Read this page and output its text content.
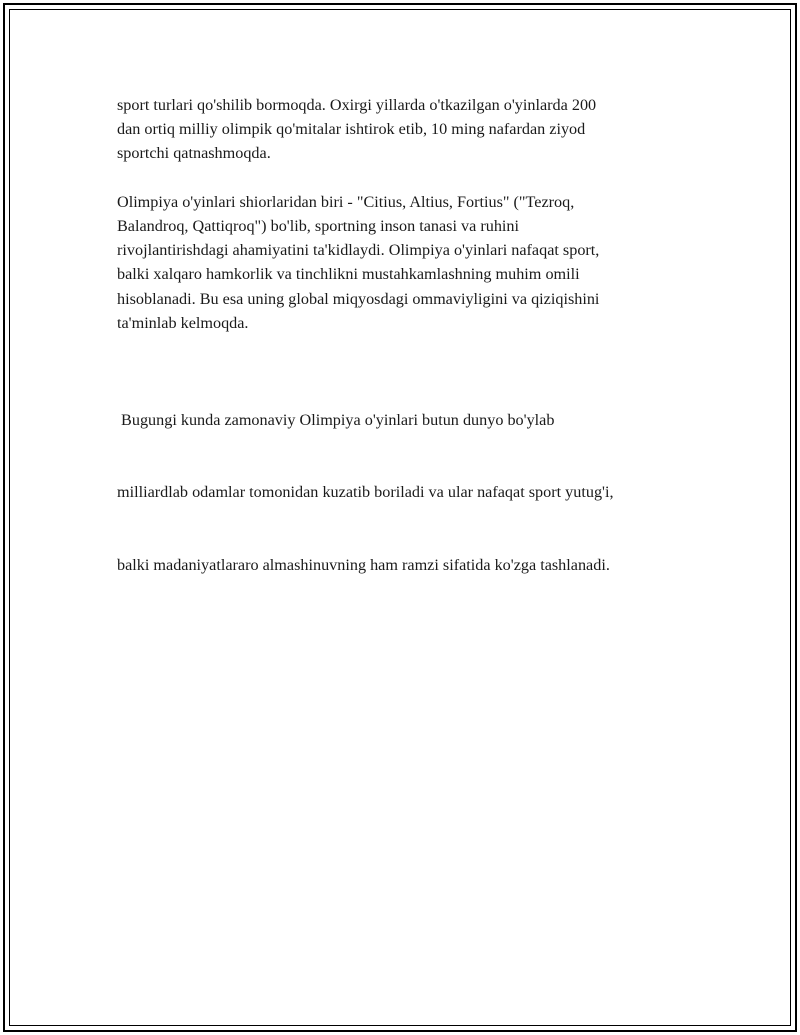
sport turlari qo'shilib bormoqda. Oxirgi yillarda o'tkazilgan o'yinlarda 200
dan ortiq milliy olimpik qo'mitalar ishtirok etib, 10 ming nafardan ziyod
sportchi qatnashmoqda.

Olimpiya o'yinlari shiorlaridan biri - "Citius, Altius, Fortius" ("Tezroq,
Balandroq, Qattiqroq") bo'lib, sportning inson tanasi va ruhini
rivojlantirishdagi ahamiyatini ta'kidlaydi. Olimpiya o'yinlari nafaqat sport,
balki xalqaro hamkorlik va tinchlikni mustahkamlashning muhim omili
hisoblanadi. Bu esa uning global miqyosdagi ommaviyligini va qiziqishini
ta'minlab kelmoqda.

Bugungi kunda zamonaviy Olimpiya o'yinlari butun dunyo bo'ylab

milliardlab odamlar tomonidan kuzatib boriladi va ular nafaqat sport yutug'i,

balki madaniyatlararo almashinuvning ham ramzi sifatida ko'zga tashlanadi.
